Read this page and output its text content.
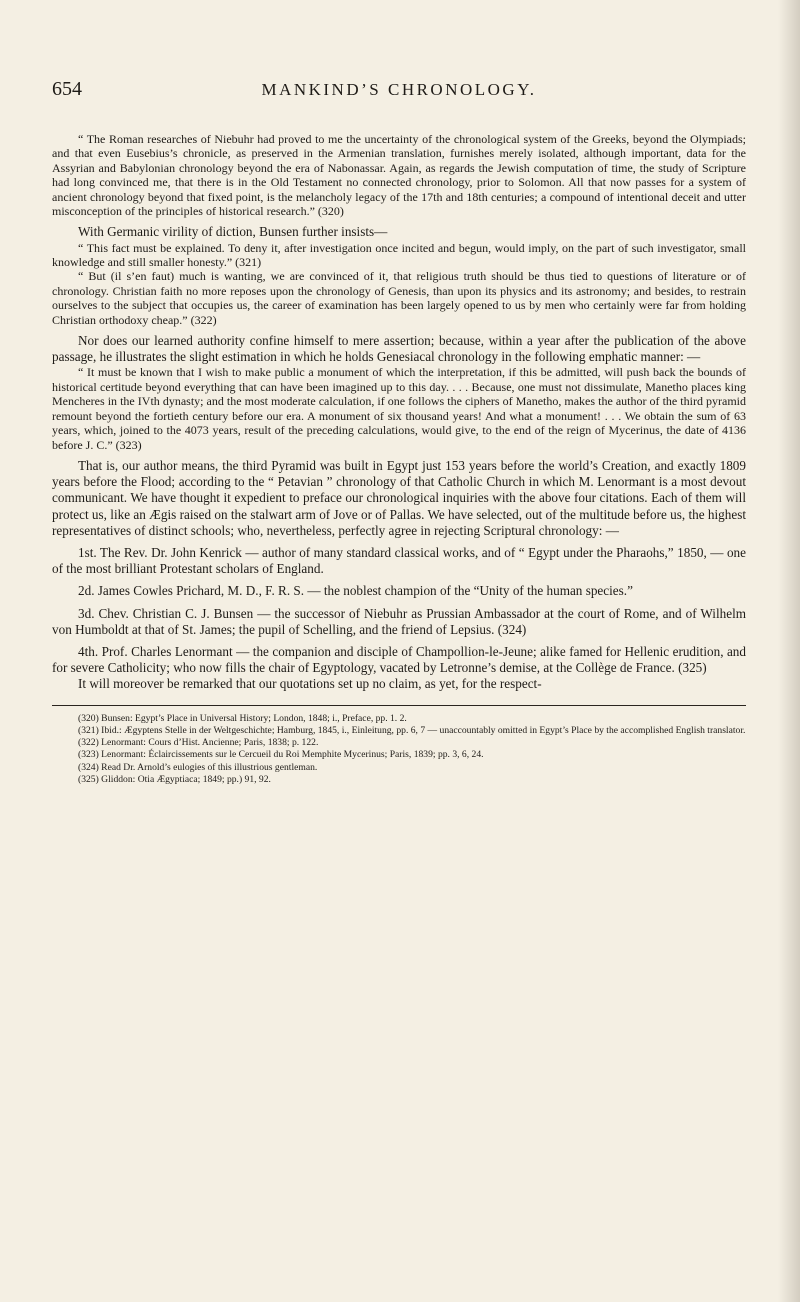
654	MANKIND’S CHRONOLOGY.

“ The Roman researches of Niebuhr had proved to me the uncertainty of the chronological system of the Greeks, beyond the Olympiads; and that even Eusebius’s chronicle, as preserved in the Armenian translation, furnishes merely isolated, although important, data for the Assyrian and Babylonian chronology beyond the era of Nabonassar. Again, as regards the Jewish computation of time, the study of Scripture had long convinced me, that there is in the Old Testament no connected chronology, prior to Solomon. All that now passes for a system of ancient chronology beyond that fixed point, is the melancholy legacy of the 17th and 18th centuries; a compound of intentional deceit and utter misconception of the principles of historical research.” (320)

With Germanic virility of diction, Bunsen further insists—

“ This fact must be explained. To deny it, after investigation once incited and begun, would imply, on the part of such investigator, small knowledge and still smaller honesty.” (321)

“ But (il s’en faut) much is wanting, we are convinced of it, that religious truth should be thus tied to questions of literature or of chronology. Christian faith no more reposes upon the chronology of Genesis, than upon its physics and its astronomy; and besides, to restrain ourselves to the subject that occupies us, the career of examination has been largely opened to us by men who certainly were far from holding Christian orthodoxy cheap.” (322)

Nor does our learned authority confine himself to mere assertion; because, within a year after the publication of the above passage, he illustrates the slight estimation in which he holds Genesiacal chronology in the following emphatic manner: —

“ It must be known that I wish to make public a monument of which the interpretation, if this be admitted, will push back the bounds of historical certitude beyond everything that can have been imagined up to this day. . . . Because, one must not dissimulate, Manetho places king Mencheres in the IVth dynasty; and the most moderate calculation, if one follows the ciphers of Manetho, makes the author of the third pyramid remount beyond the fortieth century before our era. A monument of six thousand years! And what a monument! . . . We obtain the sum of 63 years, which, joined to the 4073 years, result of the preceding calculations, would give, to the end of the reign of Mycerinus, the date of 4136 before J. C.” (323)

That is, our author means, the third Pyramid was built in Egypt just 153 years before the world’s Creation, and exactly 1809 years before the Flood; according to the “ Petavian ” chronology of that Catholic Church in which M. Lenormant is a most devout communicant. We have thought it expedient to preface our chronological inquiries with the above four citations. Each of them will protect us, like an Ægis raised on the stalwart arm of Jove or of Pallas. We have selected, out of the multitude before us, the highest representatives of distinct schools; who, nevertheless, perfectly agree in rejecting Scriptural chronology: —

1st. The Rev. Dr. John Kenrick — author of many standard classical works, and of “ Egypt under the Pharaohs,” 1850, — one of the most brilliant Protestant scholars of England.

2d. James Cowles Prichard, M. D., F. R. S. — the noblest champion of the “Unity of the human species.”

3d. Chev. Christian C. J. Bunsen — the successor of Niebuhr as Prussian Ambassador at the court of Rome, and of Wilhelm von Humboldt at that of St. James; the pupil of Schelling, and the friend of Lepsius. (324)

4th. Prof. Charles Lenormant — the companion and disciple of Champollion-le-Jeune; alike famed for Hellenic erudition, and for severe Catholicity; who now fills the chair of Egyptology, vacated by Letronne’s demise, at the Collège de France. (325)

It will moreover be remarked that our quotations set up no claim, as yet, for the respect-

(320) Bunsen: Egypt’s Place in Universal History; London, 1848; i., Preface, pp. 1. 2.

(321) Ibid.: Ægyptens Stelle in der Weltgeschichte; Hamburg, 1845, i., Einleitung, pp. 6, 7 — unaccountably omitted in Egypt’s Place by the accomplished English translator.

(322) Lenormant: Cours d’Hist. Ancienne; Paris, 1838; p. 122.

(323) Lenormant: Éclaircissements sur le Cercueil du Roi Memphite Mycerinus; Paris, 1839; pp. 3, 6, 24.

(324) Read Dr. Arnold’s eulogies of this illustrious gentleman.

(325) Gliddon: Otia Ægyptiaca; 1849; pp.) 91, 92.
